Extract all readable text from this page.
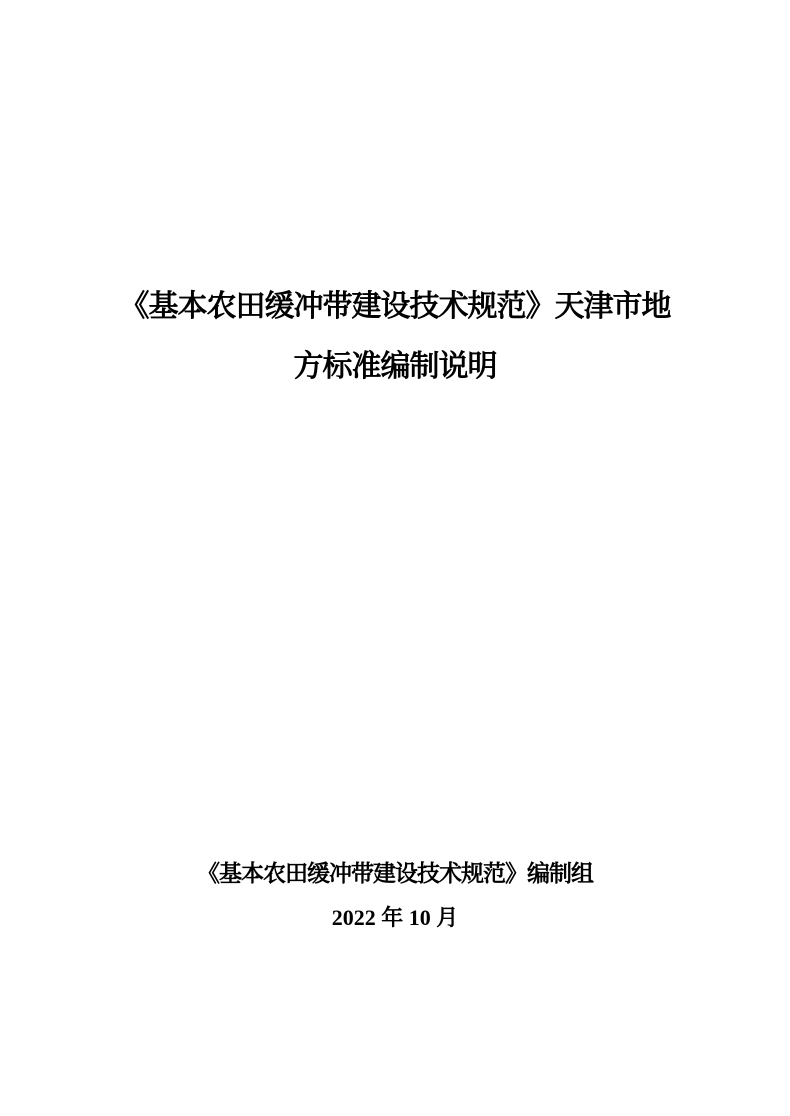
《基本农田缓冲带建设技术规范》天津市地
方标准编制说明
《基本农田缓冲带建设技术规范》编制组
2022 年 10 月
